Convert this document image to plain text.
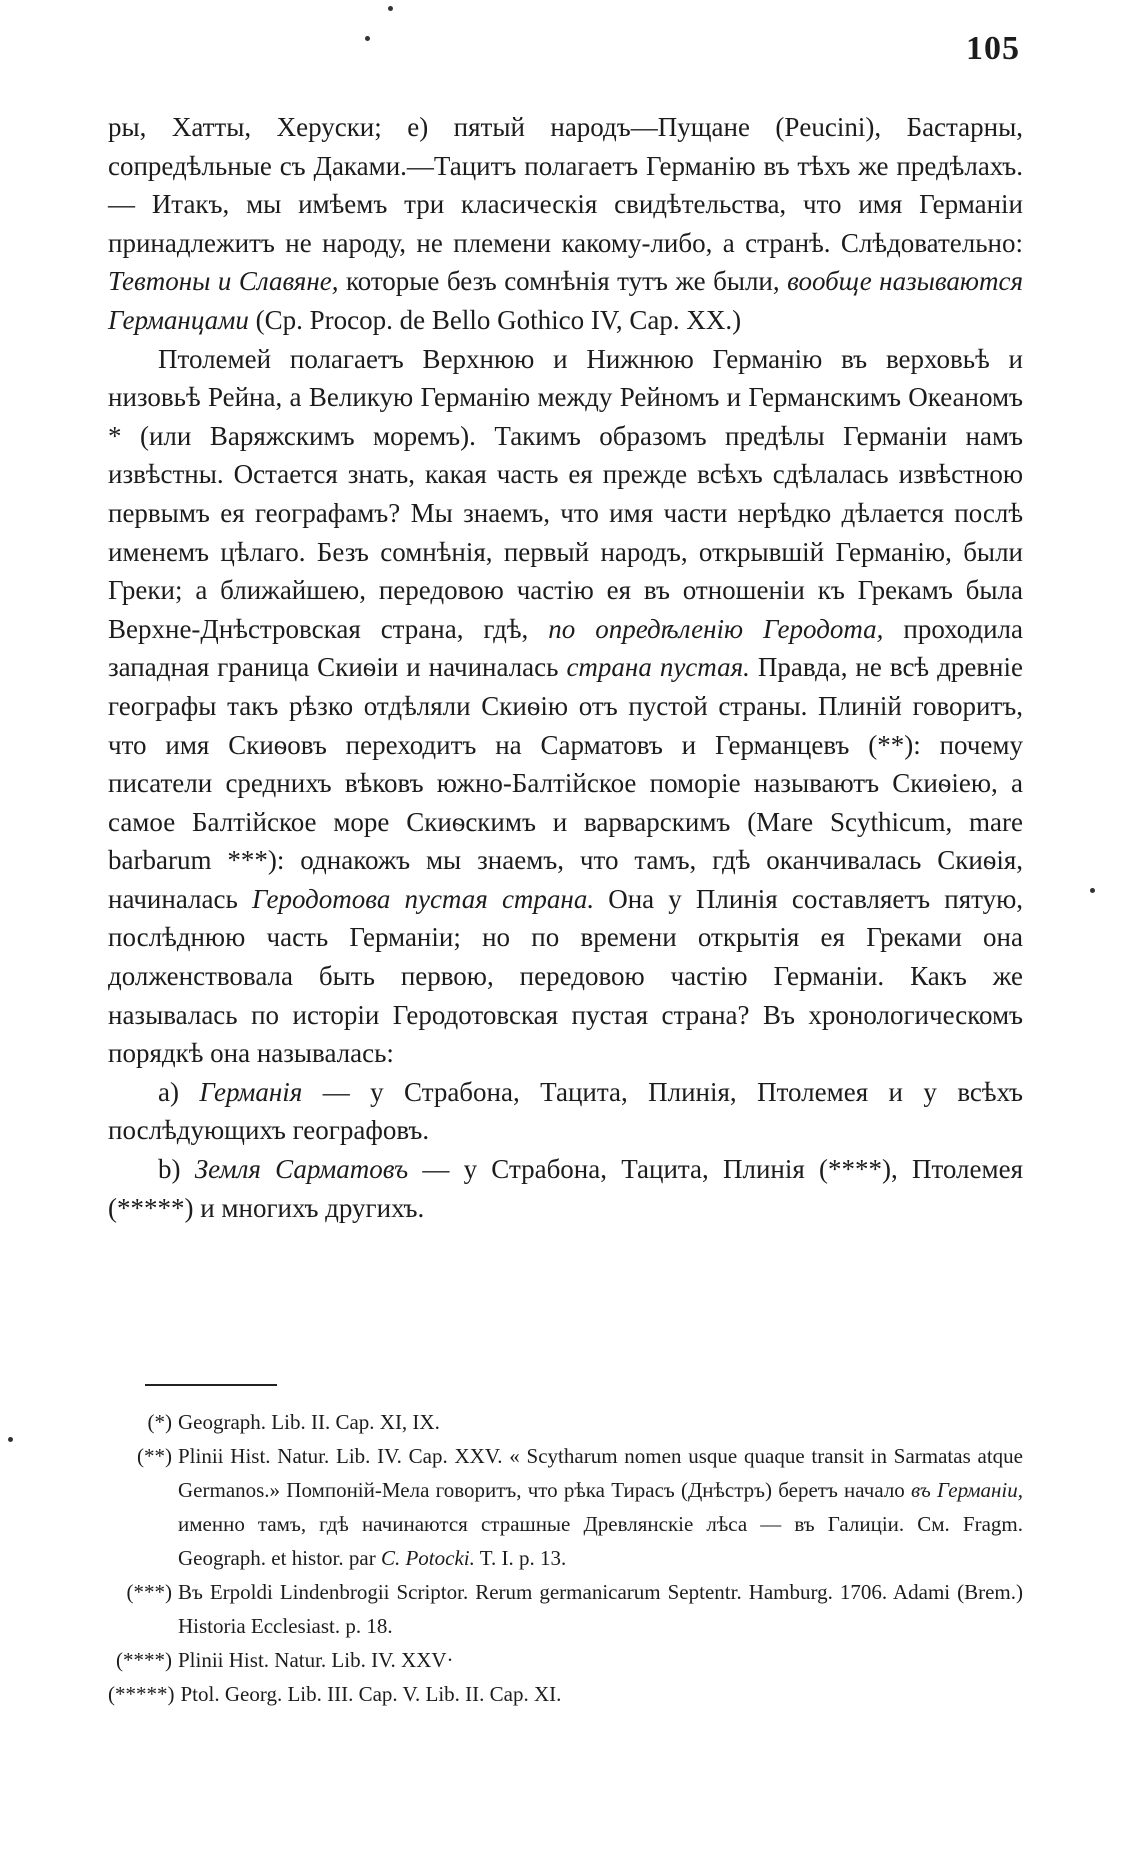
105

ры, Хатты, Херуски; е) пятый народъ—Пущане (Peucini), Бастарны, сопредѣльные съ Даками.—Тацитъ полагаетъ Германію въ тѣхъ же предѣлахъ.— Итакъ, мы имѣемъ три класическія свидѣтельства, что имя Германіи принадлежитъ не народу, не племени какому-либо, а странѣ. Слѣдовательно: Тевтоны и Славяне, которые безъ сомнѣнія тутъ же были, вообще называются Германцами (Ср. Procop. de Bello Gothico IV, Cap. XX.)

Птолемей полагаетъ Верхнюю и Нижнюю Германію въ верховьѣ и низовьѣ Рейна, а Великую Германію между Рейномъ и Германскимъ Океаномъ * (или Варяжскимъ моремъ). Такимъ образомъ предѣлы Германіи намъ извѣстны. Остается знать, какая часть ея прежде всѣхъ сдѣлалась извѣстною первымъ ея географамъ? Мы знаемъ, что имя части нерѣдко дѣлается послѣ именемъ цѣлаго. Безъ сомнѣнія, первый народъ, открывшій Германію, были Греки; а ближайшею, передовою частію ея въ отношеніи къ Грекамъ была Верхне-Днѣстровская страна, гдѣ, по опредѣленію Геродота, проходила западная граница Скиѳіи и начиналась страна пустая. Правда, не всѣ древніе географы такъ рѣзко отдѣляли Скиѳію отъ пустой страны. Плиній говоритъ, что имя Скиѳовъ переходитъ на Сарматовъ и Германцевъ (**): почему писатели среднихъ вѣковъ южно-Балтійское поморіе называютъ Скиѳіею, а самое Балтійское море Скиѳскимъ и варварскимъ (Mare Scythicum, mare barbarum ***): однакожъ мы знаемъ, что тамъ, гдѣ оканчивалась Скиѳія, начиналась Геродотова пустая страна. Она у Плинія составляетъ пятую, послѣднюю часть Германіи; но по времени открытія ея Греками она долженствовала быть первою, передовою частію Германіи. Какъ же называлась по исторіи Геродотовская пустая страна? Въ хронологическомъ порядкѣ она называлась:

a) Германія — у Страбона, Тацита, Плинія, Птолемея и у всѣхъ послѣдующихъ географовъ.

b) Земля Сарматовъ — у Страбона, Тацита, Плинія (****), Птолемея (*****) и многихъ другихъ.

(*) Geograph. Lib. II. Cap. XI, IX.
(**) Plinii Hist. Natur. Lib. IV. Cap. XXV. « Scytharum nomen usque quaque transit in Sarmatas atque Germanos.» Помпоній-Мела говоритъ, что рѣка Тирасъ (Днѣстръ) беретъ начало въ Германіи, именно тамъ, гдѣ начинаются страшные Древлянскіе лѣса — въ Галиціи. См. Fragm. Geograph. et histor. par C. Potocki. T. I. p. 13.
(***) Въ Erpoldi Lindenbrogii Scriptor. Rerum germanicarum Septentr. Hamburg. 1706. Adami (Brem.) Historia Ecclesiast. p. 18.
(****) Plinii Hist. Natur. Lib. IV. XXV·
(*****) Ptol. Georg. Lib. III. Cap. V. Lib. II. Cap. XI.
